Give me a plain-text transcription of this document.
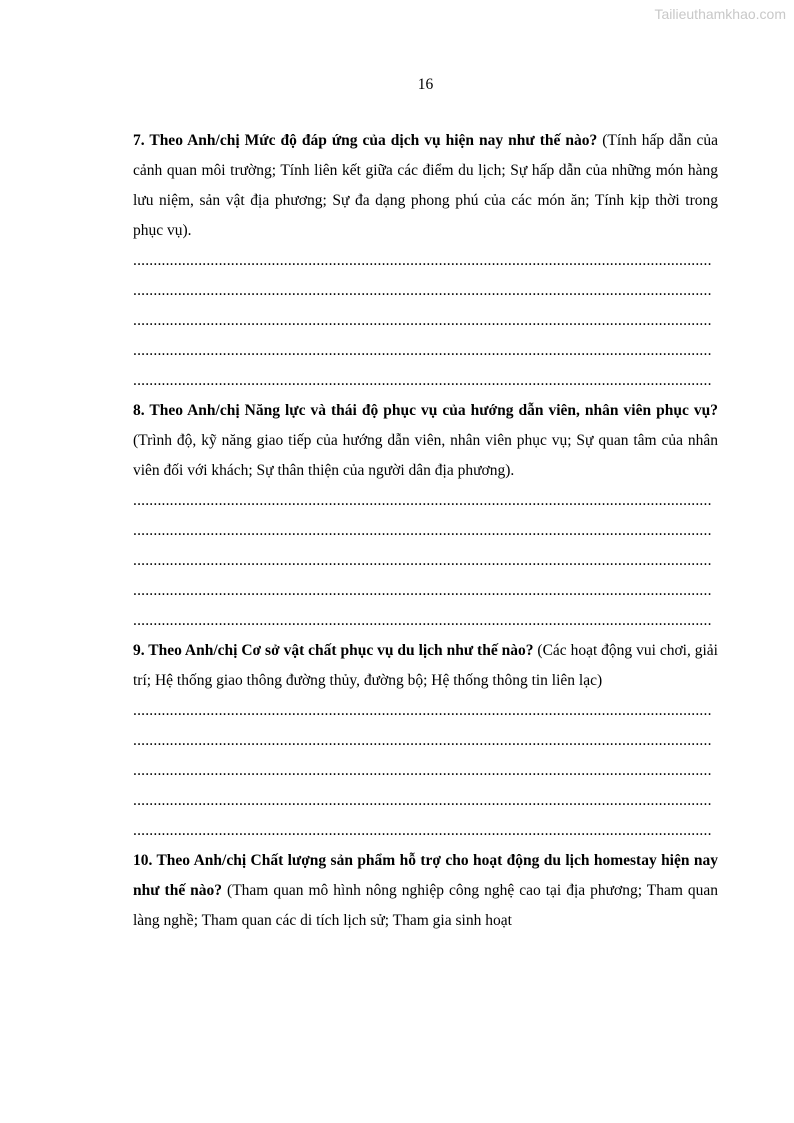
Tailieuthamkhao.com
16

7. Theo Anh/chị Mức độ đáp ứng của dịch vụ hiện nay như thế nào? (Tính hấp dẫn của cảnh quan môi trường; Tính liên kết giữa các điểm du lịch; Sự hấp dẫn của những món hàng lưu niệm, sản vật địa phương; Sự đa dạng phong phú của các món ăn; Tính kịp thời trong phục vụ).

..............................................................................................................................................
..............................................................................................................................................
..............................................................................................................................................
..............................................................................................................................................
..............................................................................................................................................

8. Theo Anh/chị Năng lực và thái độ phục vụ của hướng dẫn viên, nhân viên phục vụ? (Trình độ, kỹ năng giao tiếp của hướng dẫn viên, nhân viên phục vụ; Sự quan tâm của nhân viên đối với khách; Sự thân thiện của người dân địa phương).

..............................................................................................................................................
..............................................................................................................................................
..............................................................................................................................................
..............................................................................................................................................
..............................................................................................................................................

9. Theo Anh/chị Cơ sở vật chất phục vụ du lịch như thế nào? (Các hoạt động vui chơi, giải trí; Hệ thống giao thông đường thủy, đường bộ; Hệ thống thông tin liên lạc)

..............................................................................................................................................
..............................................................................................................................................
..............................................................................................................................................
..............................................................................................................................................
..............................................................................................................................................

10. Theo Anh/chị Chất lượng sản phẩm hỗ trợ cho hoạt động du lịch homestay hiện nay như thế nào? (Tham quan mô hình nông nghiệp công nghệ cao tại địa phương; Tham quan làng nghề; Tham quan các di tích lịch sử; Tham gia sinh hoạt
